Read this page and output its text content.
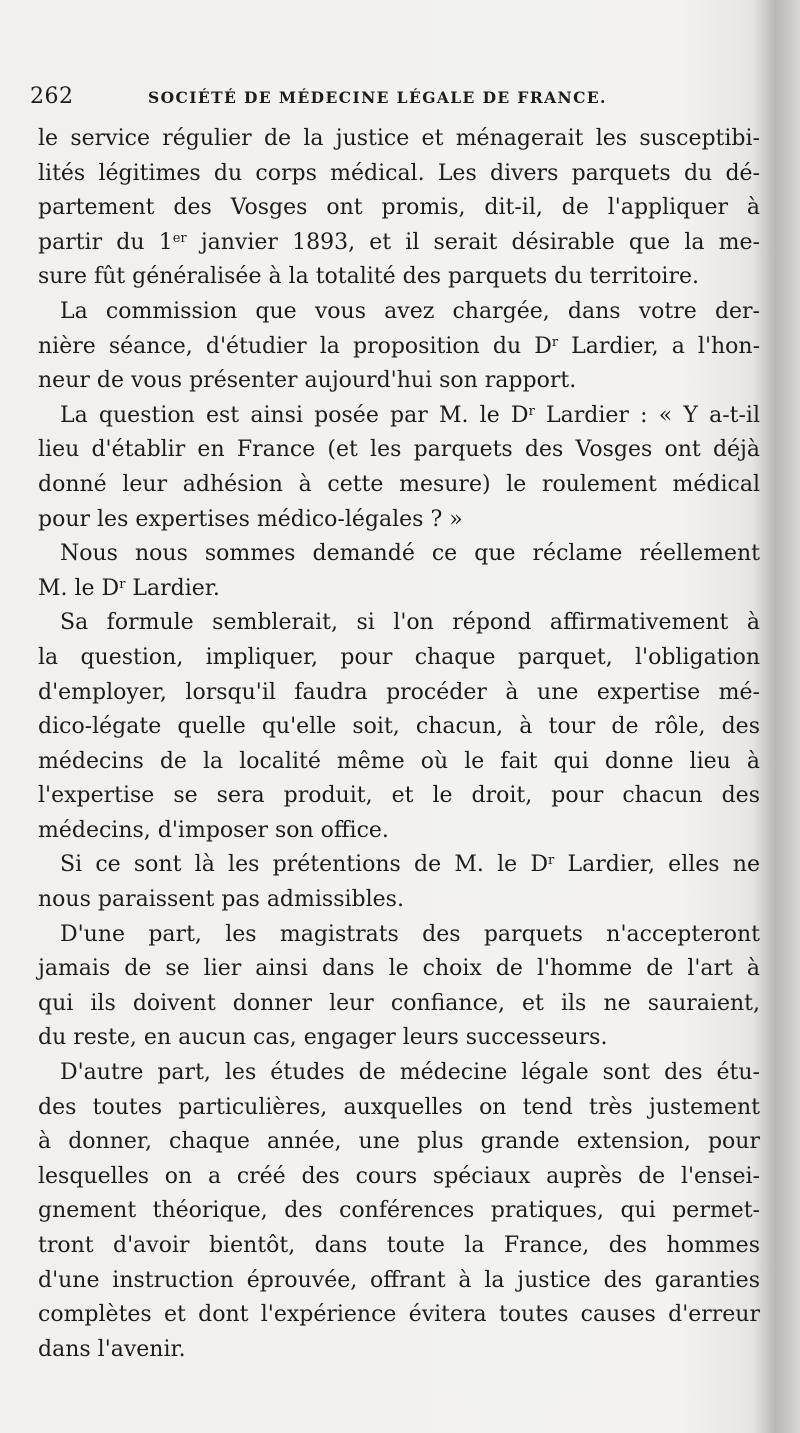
262	SOCIÉTÉ DE MÉDECINE LÉGALE DE FRANCE.
le service régulier de la justice et ménagerait les susceptibi-
lités légitimes du corps médical. Les divers parquets du dé-
partement des Vosges ont promis, dit-il, de l'appliquer à
partir du 1er janvier 1893, et il serait désirable que la me-
sure fût généralisée à la totalité des parquets du territoire.
La commission que vous avez chargée, dans votre der-
nière séance, d'étudier la proposition du $D^r$ Lardier, a l'hon-
neur de vous présenter aujourd'hui son rapport.
La question est ainsi posée par M. le $D^r$ Lardier : « Y a-t-il
lieu d'établir en France (et les parquets des Vosges ont déjà
donné leur adhésion à cette mesure) le roulement médical
pour les expertises médico-légales ? »
Nous nous sommes demandé ce que réclame réellement
M. le $D^r$ Lardier.
Sa formule semblerait, si l'on répond affirmativement à
la question, impliquer, pour chaque parquet, l'obligation
d'employer, lorsqu'il faudra procéder à une expertise mé-
dico-légate quelle qu'elle soit, chacun, à tour de rôle, des
médecins de la localité même où le fait qui donne lieu à
l'expertise se sera produit, et le droit, pour chacun des
médecins, d'imposer son office.
Si ce sont là les prétentions de M. le $D^r$ Lardier, elles ne
nous paraissent pas admissibles.
D'une part, les magistrats des parquets n'accepteront
jamais de se lier ainsi dans le choix de l'homme de l'art à
qui ils doivent donner leur confiance, et ils ne sauraient,
du reste, en aucun cas, engager leurs successeurs.
D'autre part, les études de médecine légale sont des étu-
des toutes particulières, auxquelles on tend très justement
à donner, chaque année, une plus grande extension, pour
lesquelles on a créé des cours spéciaux auprès de l'ensei-
gnement théorique, des conférences pratiques, qui permet-
tront d'avoir bientôt, dans toute la France, des hommes
d'une instruction éprouvée, offrant à la justice des garanties
complètes et dont l'expérience évitera toutes causes d'erreur
dans l'avenir.
